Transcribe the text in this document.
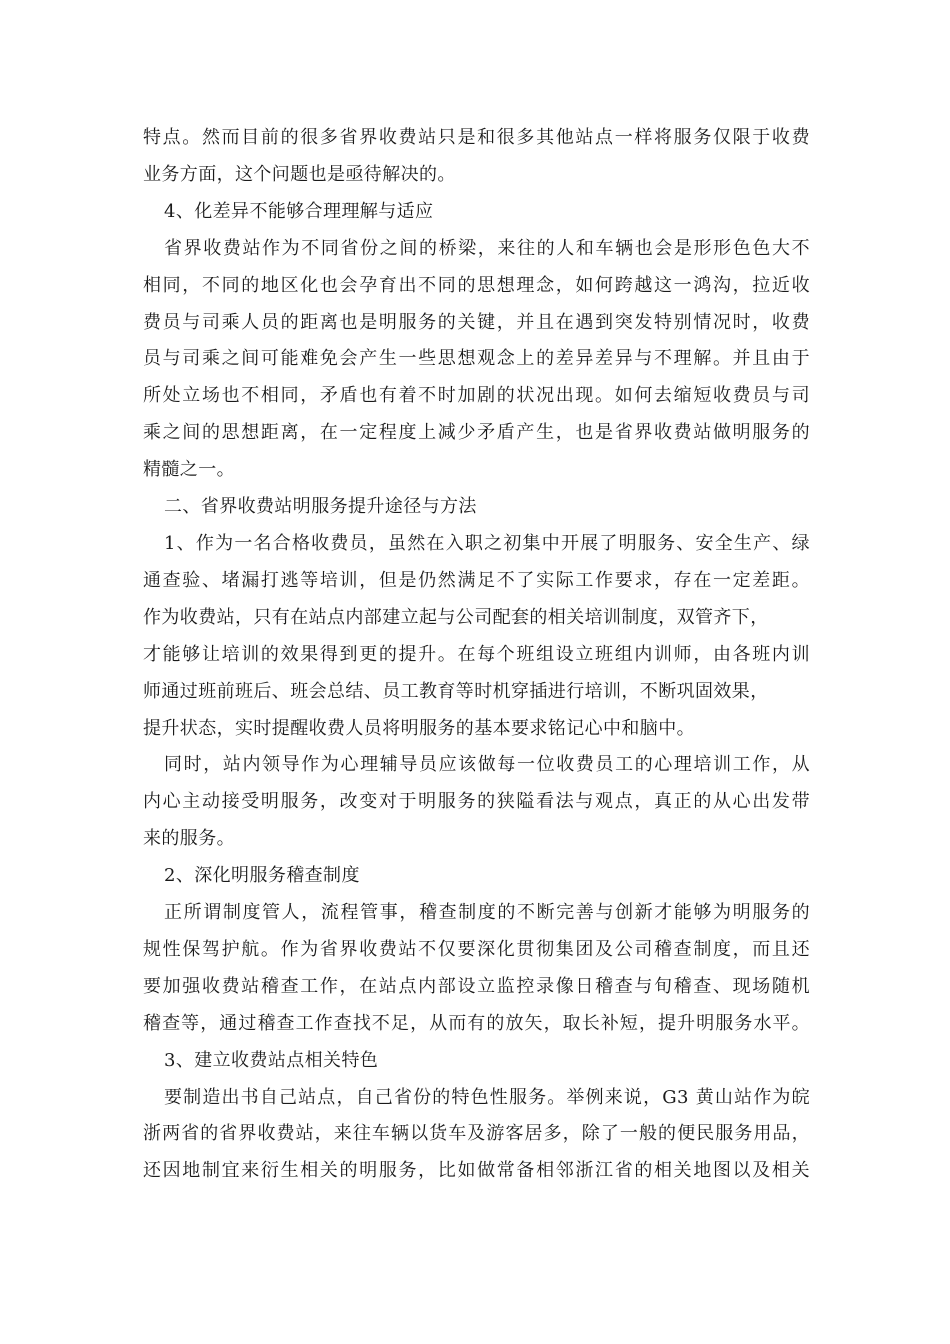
特点。然而目前的很多省界收费站只是和很多其他站点一样将服务仅限于收费

业务方面，这个问题也是亟待解决的。

4、化差异不能够合理理解与适应

省界收费站作为不同省份之间的桥梁，来往的人和车辆也会是形形色色大不

相同，不同的地区化也会孕育出不同的思想理念，如何跨越这一鸿沟，拉近收

费员与司乘人员的距离也是明服务的关键，并且在遇到突发特别情况时，收费

员与司乘之间可能难免会产生一些思想观念上的差异差异与不理解。并且由于

所处立场也不相同，矛盾也有着不时加剧的状况出现。如何去缩短收费员与司

乘之间的思想距离，在一定程度上减少矛盾产生，也是省界收费站做明服务的

精髓之一。

二、省界收费站明服务提升途径与方法

1、作为一名合格收费员，虽然在入职之初集中开展了明服务、安全生产、绿

通查验、堵漏打逃等培训，但是仍然满足不了实际工作要求，存在一定差距。

作为收费站，只有在站点内部建立起与公司配套的相关培训制度，双管齐下，

才能够让培训的效果得到更的提升。在每个班组设立班组内训师，由各班内训

师通过班前班后、班会总结、员工教育等时机穿插进行培训，不断巩固效果，

提升状态，实时提醒收费人员将明服务的基本要求铭记心中和脑中。

同时，站内领导作为心理辅导员应该做每一位收费员工的心理培训工作，从

内心主动接受明服务，改变对于明服务的狭隘看法与观点，真正的从心出发带

来的服务。

2、深化明服务稽查制度

正所谓制度管人，流程管事，稽查制度的不断完善与创新才能够为明服务的

规性保驾护航。作为省界收费站不仅要深化贯彻集团及公司稽查制度，而且还

要加强收费站稽查工作，在站点内部设立监控录像日稽查与旬稽查、现场随机

稽查等，通过稽查工作查找不足，从而有的放矢，取长补短，提升明服务水平。

3、建立收费站点相关特色

要制造出书自己站点，自己省份的特色性服务。举例来说，G3 黄山站作为皖

浙两省的省界收费站，来往车辆以货车及游客居多，除了一般的便民服务用品，

还因地制宜来衍生相关的明服务，比如做常备相邻浙江省的相关地图以及相关
